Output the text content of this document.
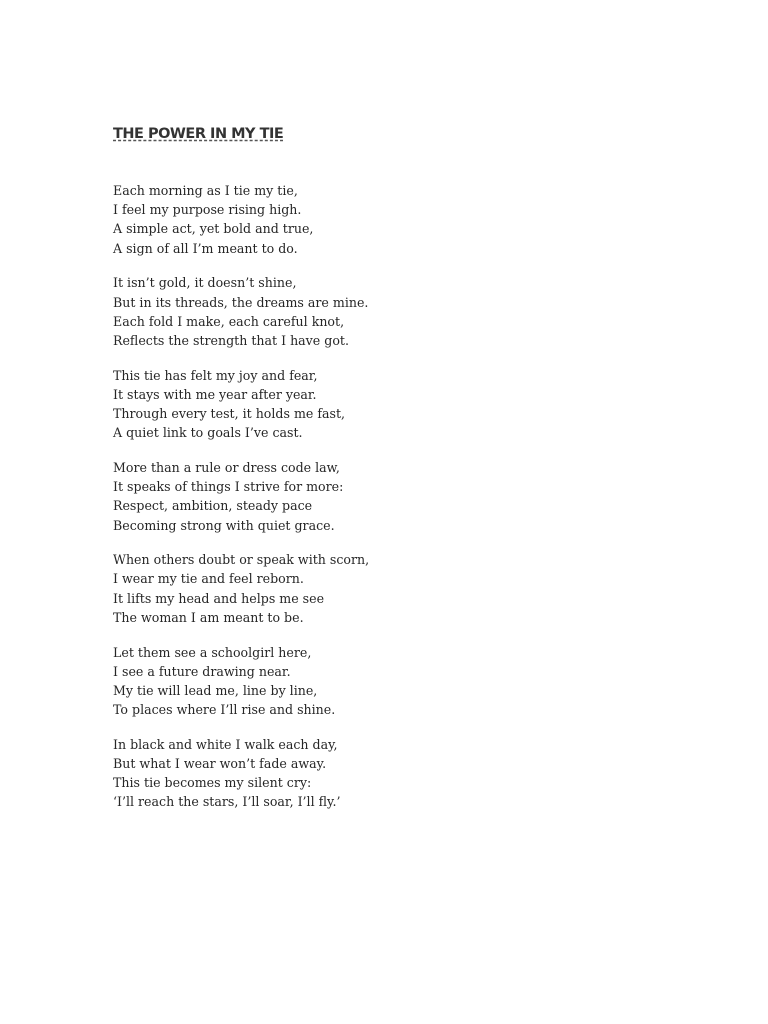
THE POWER IN MY TIE
Each morning as I tie my tie,
I feel my purpose rising high.
A simple act, yet bold and true,
A sign of all I’m meant to do.
It isn’t gold, it doesn’t shine,
But in its threads, the dreams are mine.
Each fold I make, each careful knot,
Reflects the strength that I have got.
This tie has felt my joy and fear,
It stays with me year after year.
Through every test, it holds me fast,
A quiet link to goals I’ve cast.
More than a rule or dress code law,
It speaks of things I strive for more:
Respect, ambition, steady pace
Becoming strong with quiet grace.
When others doubt or speak with scorn,
I wear my tie and feel reborn.
It lifts my head and helps me see
The woman I am meant to be.
Let them see a schoolgirl here,
I see a future drawing near.
My tie will lead me, line by line,
To places where I’ll rise and shine.
In black and white I walk each day,
But what I wear won’t fade away.
This tie becomes my silent cry:
‘I’ll reach the stars, I’ll soar, I’ll fly.’
